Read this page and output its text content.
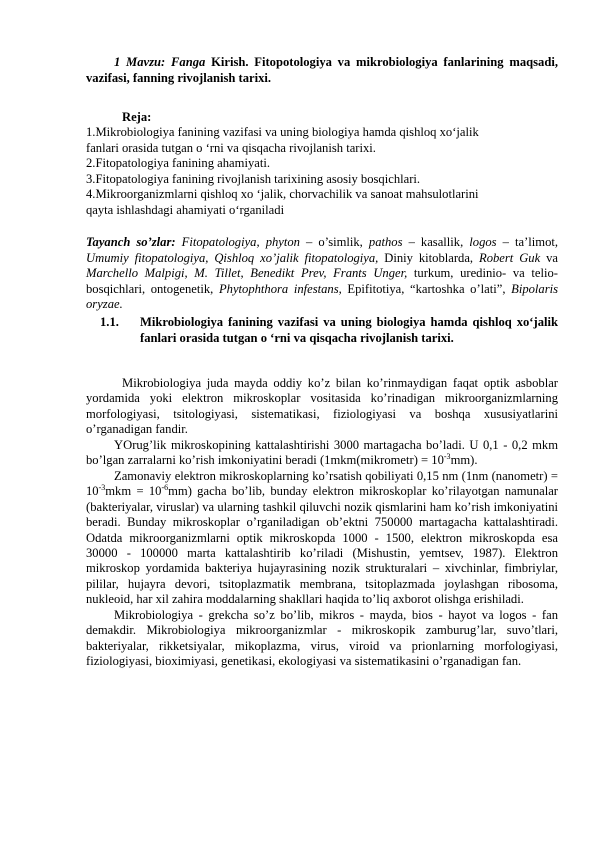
1 Mavzu: Fanga Kirish. Fitopotologiya va mikrobiologiya fanlarining maqsadi, vazifasi, fanning rivojlanish tarixi.
Reja:
1.Mikrobiologiya fanining vazifasi va uning biologiya hamda qishloq xo‘jalik
fanlari orasida tutgan o ‘rni va qisqacha rivojlanish tarixi.
2.Fitopatologiya fanining ahamiyati.
3.Fitopatologiya fanining rivojlanish tarixining asosiy bosqichlari.
4.Mikroorganizmlarni qishloq xo ‘jalik, chorvachilik va sanoat mahsulotlarini
qayta ishlashdagi ahamiyati o‘rganiladi
Tayanch so’zlar: Fitopatologiya, phyton – o’simlik, pathos – kasallik, logos – ta’limot, Umumiy fitopatologiya, Qishloq xo’jalik fitopatologiya, Diniy kitoblarda, Robert Guk va Marchello Malpigi, M. Tillet, Benedikt Prev, Frants Unger, turkum, uredinio- va telio-bosqichlari, ontogenetik, Phytophthora infestans, Epifitotiya, “kartoshka o’lati”, Bipolaris oryzae.
1.1.	Mikrobiologiya fanining vazifasi va uning biologiya hamda qishloq xo‘jalik fanlari orasida tutgan o ‘rni va qisqacha rivojlanish tarixi.

Mikrobiologiya juda mayda oddiy ko’z bilan ko’rinmaydigan faqat optik asboblar yordamida yoki elektron mikroskoplar vositasida ko’rinadigan mikroorganizmlarning morfologiyasi, tsitologiyasi, sistematikasi, fiziologiyasi va boshqa xususiyatlarini o’rganadigan fandir.

YOrug’lik mikroskopining kattalashtirishi 3000 martagacha bo’ladi. U 0,1 - 0,2 mkm bo’lgan zarralarni ko’rish imkoniyatini beradi (1mkm(mikrometr) = $10^{-3}mm$).

Zamonaviy elektron mikroskoplarning ko’rsatish qobiliyati 0,15 nm (1nm (nanometr) = $10^{-3}mkm = 10^{-6}mm$) gacha bo’lib, bunday elektron mikroskoplar ko’rilayotgan namunalar (bakteriyalar, viruslar) va ularning tashkil qiluvchi nozik qismlarini ham ko’rish imkoniyatini beradi. Bunday mikroskoplar o’rganiladigan ob’ektni 750000 martagacha kattalashtiradi. Odatda mikroorganizmlarni optik mikroskopda 1000 - 1500, elektron mikroskopda esa 30000 - 100000 marta kattalashtirib ko’riladi (Mishustin, yemtsev, 1987). Elektron mikroskop yordamida bakteriya hujayrasining nozik strukturalari – xivchinlar, fimbriylar, pililar, hujayra devori, tsitoplazmatik membrana, tsitoplazmada joylashgan ribosoma, nukleoid, har xil zahira moddalarning shakllari haqida to’liq axborot olishga erishiladi.

Mikrobiologiya - grekcha so’z bo’lib, mikros - mayda, bios - hayot va logos - fan demakdir. Mikrobiologiya mikroorganizmlar - mikroskopik zamburug’lar, suvo’tlari, bakteriyalar, rikketsiyalar, mikoplazma, virus, viroid va prionlarning morfologiyasi, fiziologiyasi, bioximiyasi, genetikasi, ekologiyasi va sistematikasini o’rganadigan fan.
